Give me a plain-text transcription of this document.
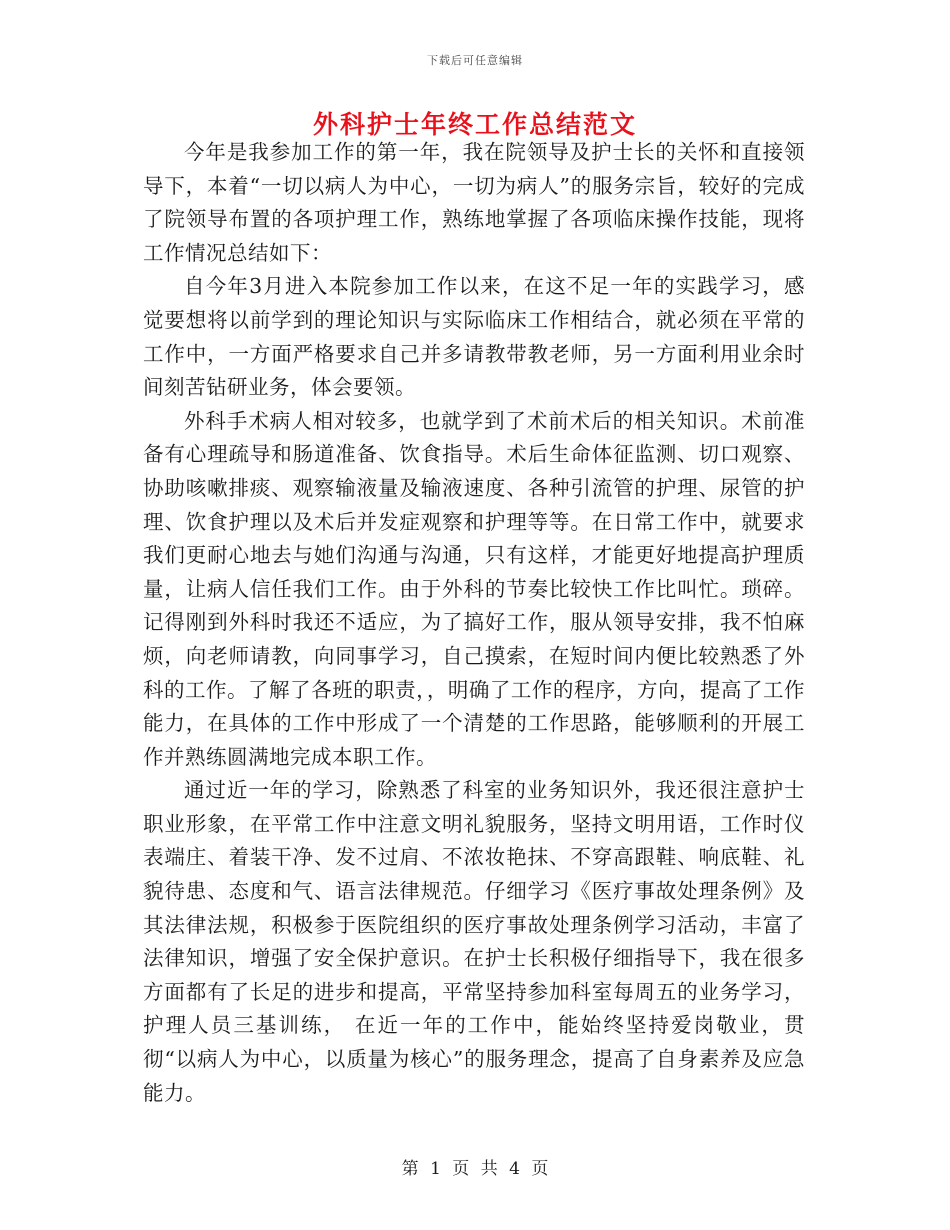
下载后可任意编辑
外科护士年终工作总结范文

今年是我参加工作的第一年，我在院领导及护士长的关怀和直接领导下，本着“一切以病人为中心，一切为病人”的服务宗旨，较好的完成了院领导布置的各项护理工作，熟练地掌握了各项临床操作技能，现将工作情况总结如下：

自今年3月进入本院参加工作以来，在这不足一年的实践学习，感觉要想将以前学到的理论知识与实际临床工作相结合，就必须在平常的工作中，一方面严格要求自己并多请教带教老师，另一方面利用业余时间刻苦钻研业务，体会要领。

外科手术病人相对较多，也就学到了术前术后的相关知识。术前准备有心理疏导和肠道准备、饮食指导。术后生命体征监测、切口观察、协助咳嗽排痰、观察输液量及输液速度、各种引流管的护理、尿管的护理、饮食护理以及术后并发症观察和护理等等。在日常工作中，就要求我们更耐心地去与她们沟通与沟通，只有这样，才能更好地提高护理质量，让病人信任我们工作。由于外科的节奏比较快工作比叫忙。琐碎。记得刚到外科时我还不适应，为了搞好工作，服从领导安排，我不怕麻烦，向老师请教，向同事学习，自己摸索，在短时间内便比较熟悉了外科的工作。了解了各班的职责，，明确了工作的程序，方向，提高了工作能力，在具体的工作中形成了一个清楚的工作思路，能够顺利的开展工作并熟练圆满地完成本职工作。

通过近一年的学习，除熟悉了科室的业务知识外，我还很注意护士职业形象，在平常工作中注意文明礼貌服务，坚持文明用语，工作时仪表端庄、着装干净、发不过肩、不浓妆艳抹、不穿高跟鞋、响底鞋、礼貌待患、态度和气、语言法律规范。仔细学习《医疗事故处理条例》及其法律法规，积极参于医院组织的医疗事故处理条例学习活动，丰富了法律知识，增强了安全保护意识。在护士长积极仔细指导下，我在很多方面都有了长足的进步和提高，平常坚持参加科室每周五的业务学习，护理人员三基训练， 在近一年的工作中，能始终坚持爱岗敬业，贯彻“以病人为中心，以质量为核心”的服务理念，提高了自身素养及应急能力。

第 1 页 共 4 页
